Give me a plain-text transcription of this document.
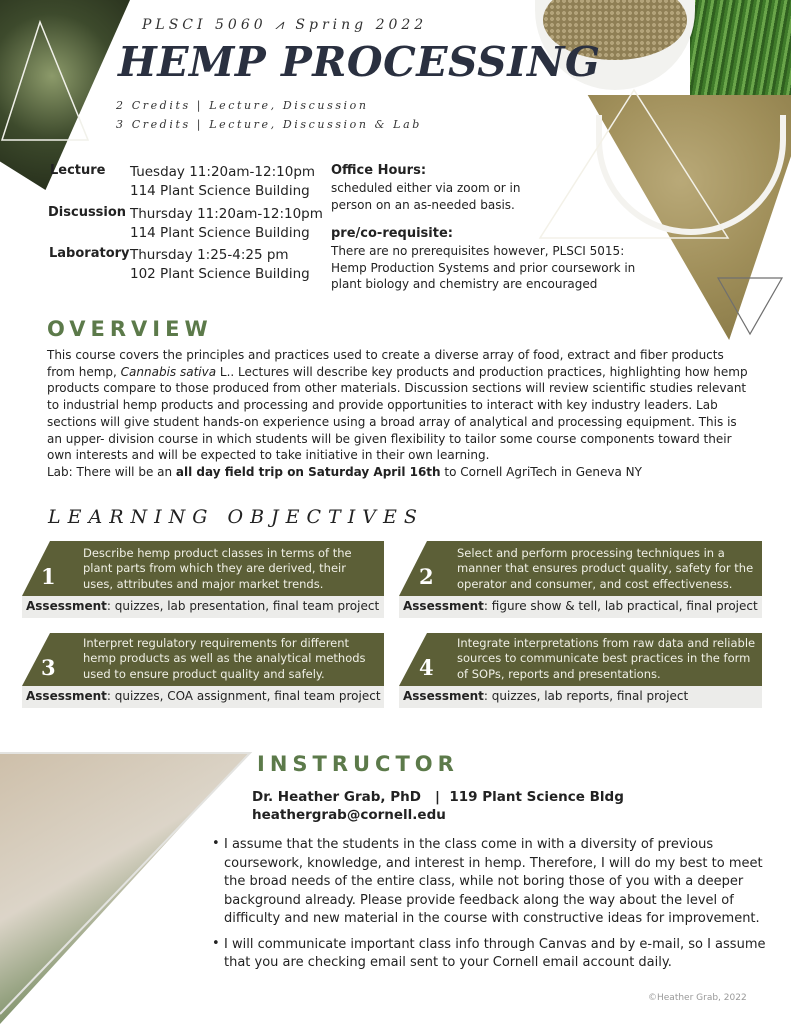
PLSCI 5060 ⩘ Spring 2022
HEMP PROCESSING
2 Credits | Lecture, Discussion
3 Credits | Lecture, Discussion & Lab
Lecture Tuesday 11:20am-12:10pm
114 Plant Science Building
Discussion Thursday 11:20am-12:10pm
114 Plant Science Building
Laboratory Thursday 1:25-4:25 pm
102 Plant Science Building
Office Hours:
scheduled either via zoom or in person on an as-needed basis.
pre/co-requisite:
There are no prerequisites however, PLSCI 5015: Hemp Production Systems and prior coursework in plant biology and chemistry are encouraged
OVERVIEW
This course covers the principles and practices used to create a diverse array of food, extract and fiber products from hemp, Cannabis sativa L.. Lectures will describe key products and production practices, highlighting how hemp products compare to those produced from other materials. Discussion sections will review scientific studies relevant to industrial hemp products and processing and provide opportunities to interact with key industry leaders. Lab sections will give student hands-on experience using a broad array of analytical and processing equipment. This is an upper- division course in which students will be given flexibility to tailor some course components toward their own interests and will be expected to take initiative in their own learning.
Lab: There will be an all day field trip on Saturday April 16th to Cornell AgriTech in Geneva NY
LEARNING OBJECTIVES
1
Describe hemp product classes in terms of the plant parts from which they are derived, their uses, attributes and major market trends.
Assessment: quizzes, lab presentation, final team project
2
Select and perform processing techniques in a manner that ensures product quality, safety for the operator and consumer, and cost effectiveness.
Assessment: figure show & tell, lab practical, final project
3
Interpret regulatory requirements for different hemp products as well as the analytical methods used to ensure product quality and safely.
Assessment: quizzes, COA assignment, final team project
4
Integrate interpretations from raw data and reliable sources to communicate best practices in the form of SOPs, reports and presentations.
Assessment: quizzes, lab reports, final project
INSTRUCTOR
Dr. Heather Grab, PhD   |  119 Plant Science Bldg
heathergrab@cornell.edu
• I assume that the students in the class come in with a diversity of previous coursework, knowledge, and interest in hemp. Therefore, I will do my best to meet the broad needs of the entire class, while not boring those of you with a deeper background already. Please provide feedback along the way about the level of difficulty and new material in the course with constructive ideas for improvement.
• I will communicate important class info through Canvas and by e-mail, so I assume that you are checking email sent to your Cornell email account daily.
©Heather Grab, 2022
